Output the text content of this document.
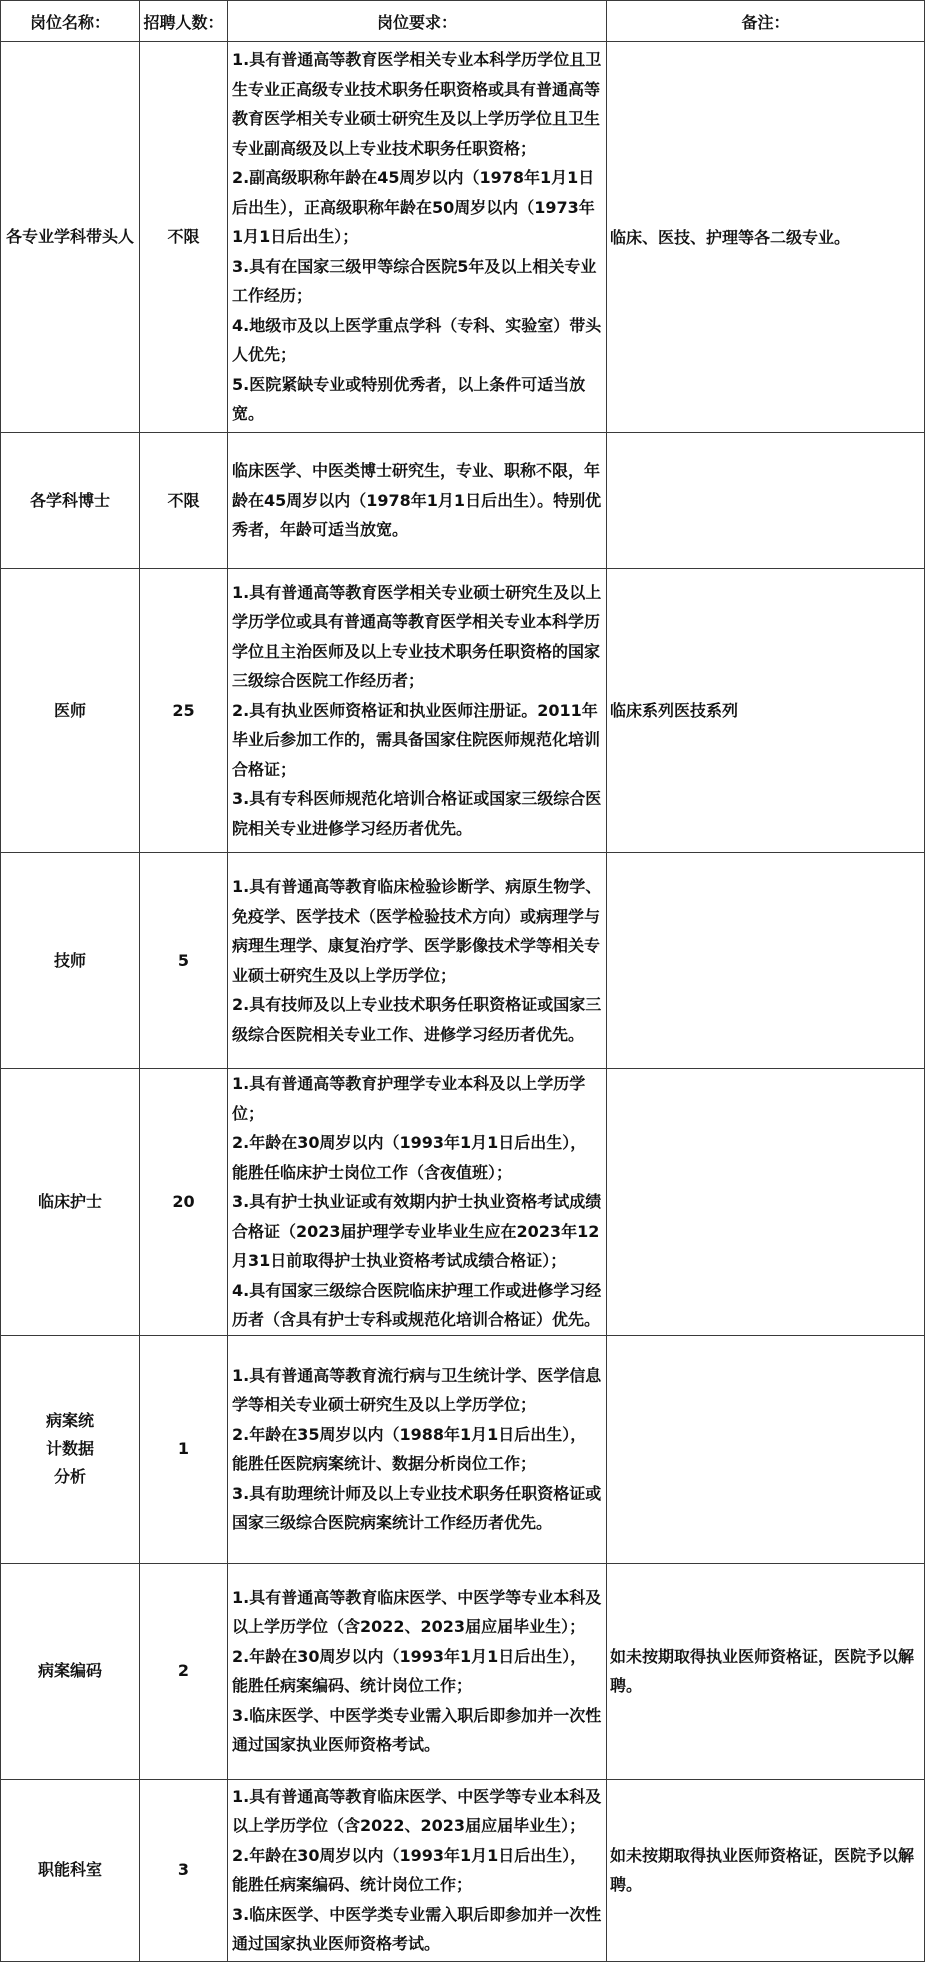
岗位名称：	招聘人数：	岗位要求：	备注：
各专业学科带头人	不限	1.具有普通高等教育医学相关专业本科学历学位且卫生专业正高级专业技术职务任职资格或具有普通高等教育医学相关专业硕士研究生及以上学历学位且卫生专业副高级及以上专业技术职务任职资格；
2.副高级职称年龄在45周岁以内（1978年1月1日后出生），正高级职称年龄在50周岁以内（1973年1月1日后出生）；
3.具有在国家三级甲等综合医院5年及以上相关专业工作经历；
4.地级市及以上医学重点学科（专科、实验室）带头人优先；
5.医院紧缺专业或特别优秀者，以上条件可适当放宽。	临床、医技、护理等各二级专业。
各学科博士	不限	临床医学、中医类博士研究生，专业、职称不限，年龄在45周岁以内（1978年1月1日后出生）。特别优秀者，年龄可适当放宽。	

医师	25	1.具有普通高等教育医学相关专业硕士研究生及以上学历学位或具有普通高等教育医学相关专业本科学历学位且主治医师及以上专业技术职务任职资格的国家三级综合医院工作经历者；
2.具有执业医师资格证和执业医师注册证。2011年毕业后参加工作的，需具备国家住院医师规范化培训合格证；
3.具有专科医师规范化培训合格证或国家三级综合医院相关专业进修学习经历者优先。	临床系列医技系列
技师	5	1.具有普通高等教育临床检验诊断学、病原生物学、免疫学、医学技术（医学检验技术方向）或病理学与病理生理学、康复治疗学、医学影像技术学等相关专业硕士研究生及以上学历学位；
2.具有技师及以上专业技术职务任职资格证或国家三级综合医院相关专业工作、进修学习经历者优先。	

临床护士	20	1.具有普通高等教育护理学专业本科及以上学历学位；
2.年龄在30周岁以内（1993年1月1日后出生），能胜任临床护士岗位工作（含夜值班）；
3.具有护士执业证或有效期内护士执业资格考试成绩合格证（2023届护理学专业毕业生应在2023年12月31日前取得护士执业资格考试成绩合格证）；
4.具有国家三级综合医院临床护理工作或进修学习经历者（含具有护士专科或规范化培训合格证）优先。	

病案统计数据分析	1	1.具有普通高等教育流行病与卫生统计学、医学信息学等相关专业硕士研究生及以上学历学位；
2.年龄在35周岁以内（1988年1月1日后出生），能胜任医院病案统计、数据分析岗位工作；
3.具有助理统计师及以上专业技术职务任职资格证或国家三级综合医院病案统计工作经历者优先。	

病案编码	2	1.具有普通高等教育临床医学、中医学等专业本科及以上学历学位（含2022、2023届应届毕业生）；
2.年龄在30周岁以内（1993年1月1日后出生），能胜任病案编码、统计岗位工作；
3.临床医学、中医学类专业需入职后即参加并一次性通过国家执业医师资格考试。	如未按期取得执业医师资格证，医院予以解聘。
职能科室	3	1.具有普通高等教育临床医学、中医学等专业本科及以上学历学位（含2022、2023届应届毕业生）；
2.年龄在30周岁以内（1993年1月1日后出生），能胜任病案编码、统计岗位工作；
3.临床医学、中医学类专业需入职后即参加并一次性通过国家执业医师资格考试。	如未按期取得执业医师资格证，医院予以解聘。
